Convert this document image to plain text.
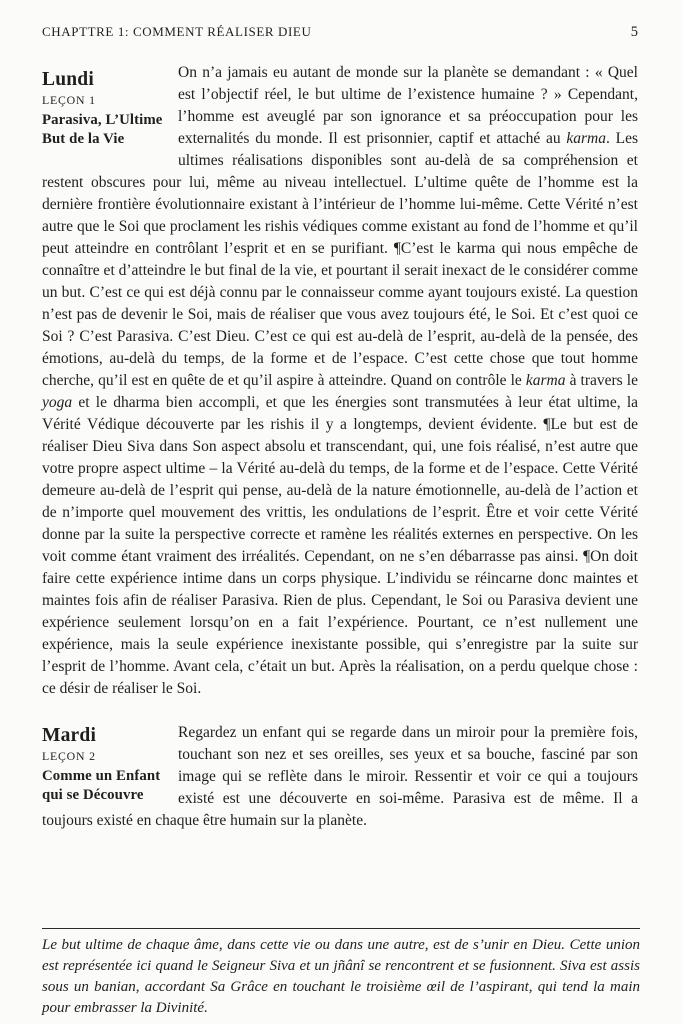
CHAPTTRE 1: COMMENT RÉALISER DIEU	5
Lundi
LEÇON 1
Parasiva, L’Ultime But de la Vie

On n’a jamais eu autant de monde sur la planète se demandant : « Quel est l’objectif réel, le but ultime de l’existence humaine ? » Cependant, l’homme est aveuglé par son ignorance et sa préoccupation pour les externalités du monde. Il est prisonnier, captif et attaché au karma. Les ultimes réalisations disponibles sont au-delà de sa compréhension et restent obscures pour lui, même au niveau intellectuel. L’ultime quête de l’homme est la dernière frontière évolutionnaire existant à l’intérieur de l’homme lui-même. Cette Vérité n’est autre que le Soi que proclament les rishis védiques comme existant au fond de l’homme et qu’il peut atteindre en contrôlant l’esprit et en se purifiant. ¶C’est le karma qui nous empêche de connaître et d’atteindre le but final de la vie, et pourtant il serait inexact de le considérer comme un but. C’est ce qui est déjà connu par le connaisseur comme ayant toujours existé. La question n’est pas de devenir le Soi, mais de réaliser que vous avez toujours été, le Soi. Et c’est quoi ce Soi ? C’est Parasiva. C’est Dieu. C’est ce qui est au-delà de l’esprit, au-delà de la pensée, des émotions, au-delà du temps, de la forme et de l’espace. C’est cette chose que tout homme cherche, qu’il est en quête de et qu’il aspire à atteindre. Quand on contrôle le karma à travers le yoga et le dharma bien accompli, et que les énergies sont transmutées à leur état ultime, la Vérité Védique découverte par les rishis il y a longtemps, devient évidente. ¶Le but est de réaliser Dieu Siva dans Son aspect absolu et transcendant, qui, une fois réalisé, n’est autre que votre propre aspect ultime – la Vérité au-delà du temps, de la forme et de l’espace. Cette Vérité demeure au-delà de l’esprit qui pense, au-delà de la nature émotionnelle, au-delà de l’action et de n’importe quel mouvement des vrittis, les ondulations de l’esprit. Être et voir cette Vérité donne par la suite la perspective correcte et ramène les réalités externes en perspective. On les voit comme étant vraiment des irréalités. Cependant, on ne s’en débarrasse pas ainsi. ¶On doit faire cette expérience intime dans un corps physique. L’individu se réincarne donc maintes et maintes fois afin de réaliser Parasiva. Rien de plus. Cependant, le Soi ou Parasiva devient une expérience seulement lorsqu’on en a fait l’expérience. Pourtant, ce n’est nullement une expérience, mais la seule expérience inexistante possible, qui s’enregistre par la suite sur l’esprit de l’homme. Avant cela, c’était un but. Après la réalisation, on a perdu quelque chose : ce désir de réaliser le Soi.

Mardi
LEÇON 2
Comme un Enfant qui se Découvre

Regardez un enfant qui se regarde dans un miroir pour la première fois, touchant son nez et ses oreilles, ses yeux et sa bouche, fasciné par son image qui se reflète dans le miroir. Ressentir et voir ce qui a toujours existé est une découverte en soi-même. Parasiva est de même. Il a toujours existé en chaque être humain sur la planète.

Le but ultime de chaque âme, dans cette vie ou dans une autre, est de s’unir en Dieu. Cette union est représentée ici quand le Seigneur Siva et un jñânî se rencontrent et se fusionnent. Siva est assis sous un banian, accordant Sa Grâce en touchant le troisième œil de l’aspirant, qui tend la main pour embrasser la Divinité.
